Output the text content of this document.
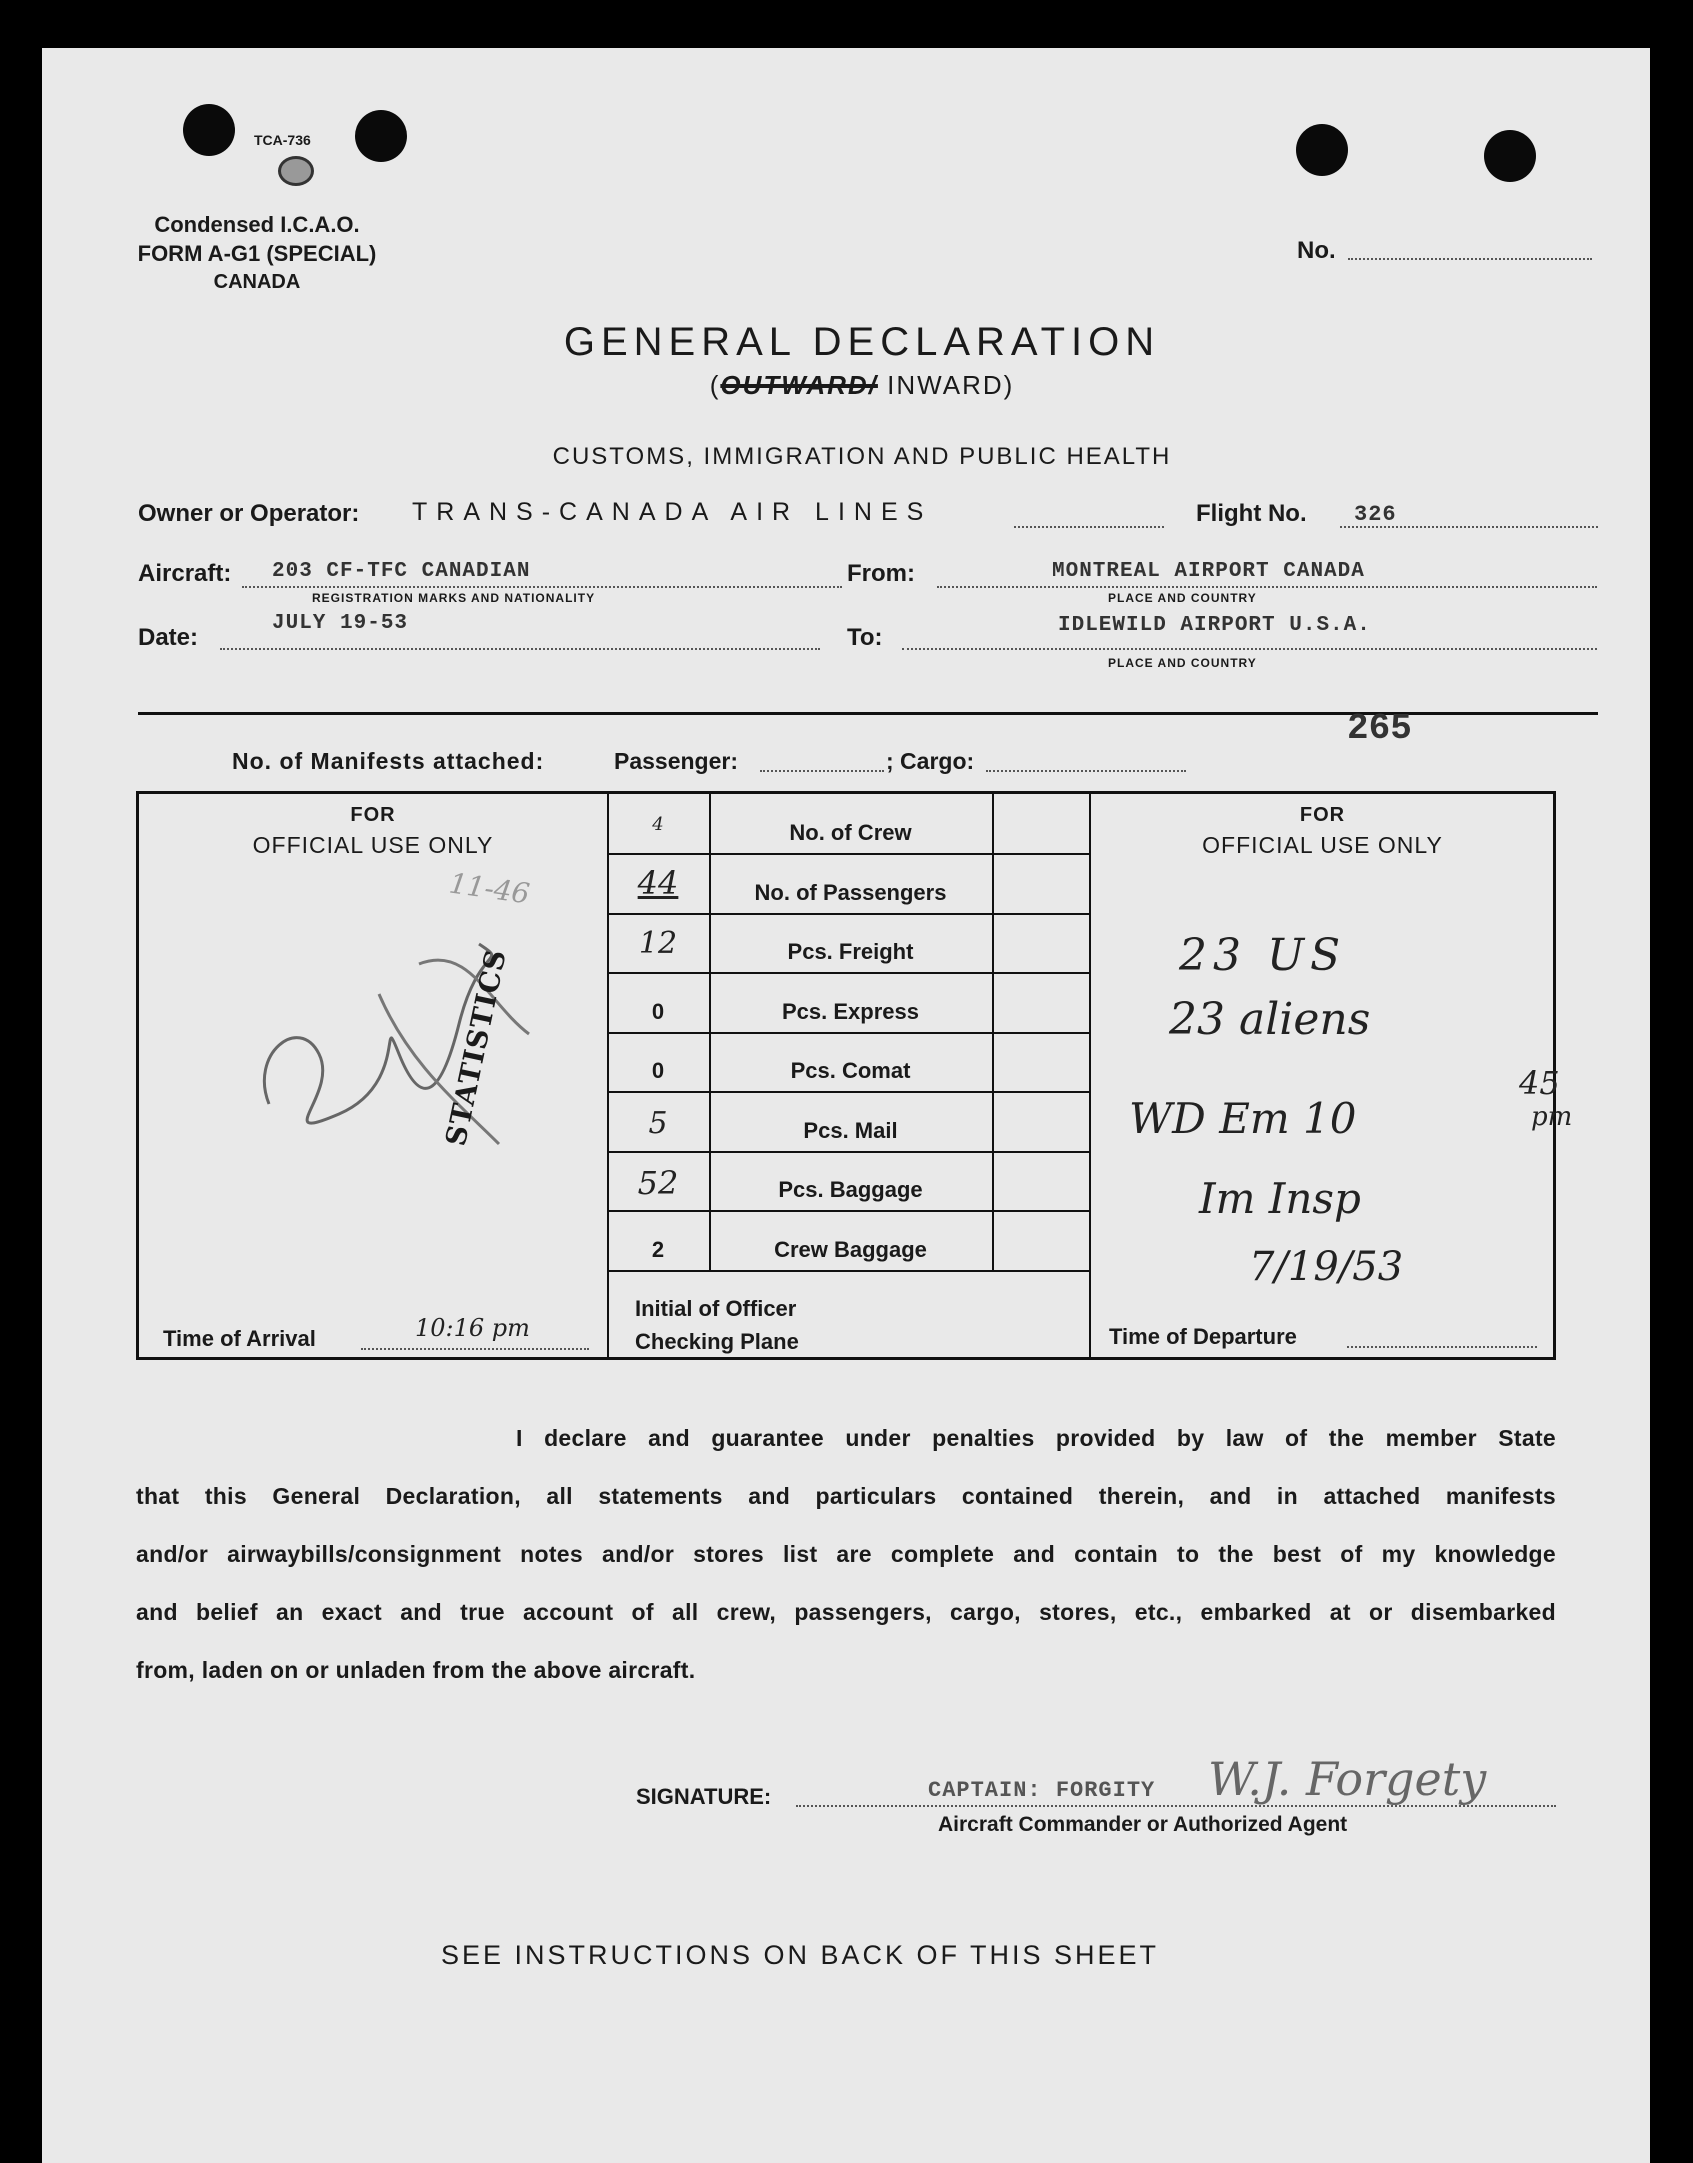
TCA-736
Condensed I.C.A.O.
FORM A-G1 (SPECIAL)
CANADA
No.
GENERAL DECLARATION
(OUTWARD/ INWARD)
CUSTOMS, IMMIGRATION AND PUBLIC HEALTH
Owner or Operator: TRANS-CANADA AIR LINES	Flight No. 326
Aircraft: 203 CF-TFC CANADIAN
REGISTRATION MARKS AND NATIONALITY
From:	MONTREAL AIRPORT CANADA
PLACE AND COUNTRY
Date:
JULY 19-53
To:	IDLEWILD AIRPORT U.S.A.
PLACE AND COUNTRY
265
No. of Manifests attached:	Passenger:	; Cargo:
FOR
OFFICIAL USE ONLY
FOR
OFFICIAL USE ONLY
4	No. of Crew
44	No. of Passengers
12	Pcs. Freight
0	Pcs. Express
0	Pcs. Comat
5	Pcs. Mail
52	Pcs. Baggage
2	Crew Baggage
Initial of Officer
Checking Plane
11-46
STATISTICS
Time of Arrival	10:16 pm
23 US
23 aliens
WD Em 10
45
pm
Im Insp
7/19/53
Time of Departure
I declare and guarantee under penalties provided by law of the member State
that this General Declaration, all statements and particulars contained therein, and in attached manifests
and/or airwaybills/consignment notes and/or stores list are complete and contain to the best of my knowledge
and belief an exact and true account of all crew, passengers, cargo, stores, etc., embarked at or disembarked
from, laden on or unladen from the above aircraft.
SIGNATURE:	CAPTAIN: FORGITY W.J. Forgety
Aircraft Commander or Authorized Agent
SEE INSTRUCTIONS ON BACK OF THIS SHEET
